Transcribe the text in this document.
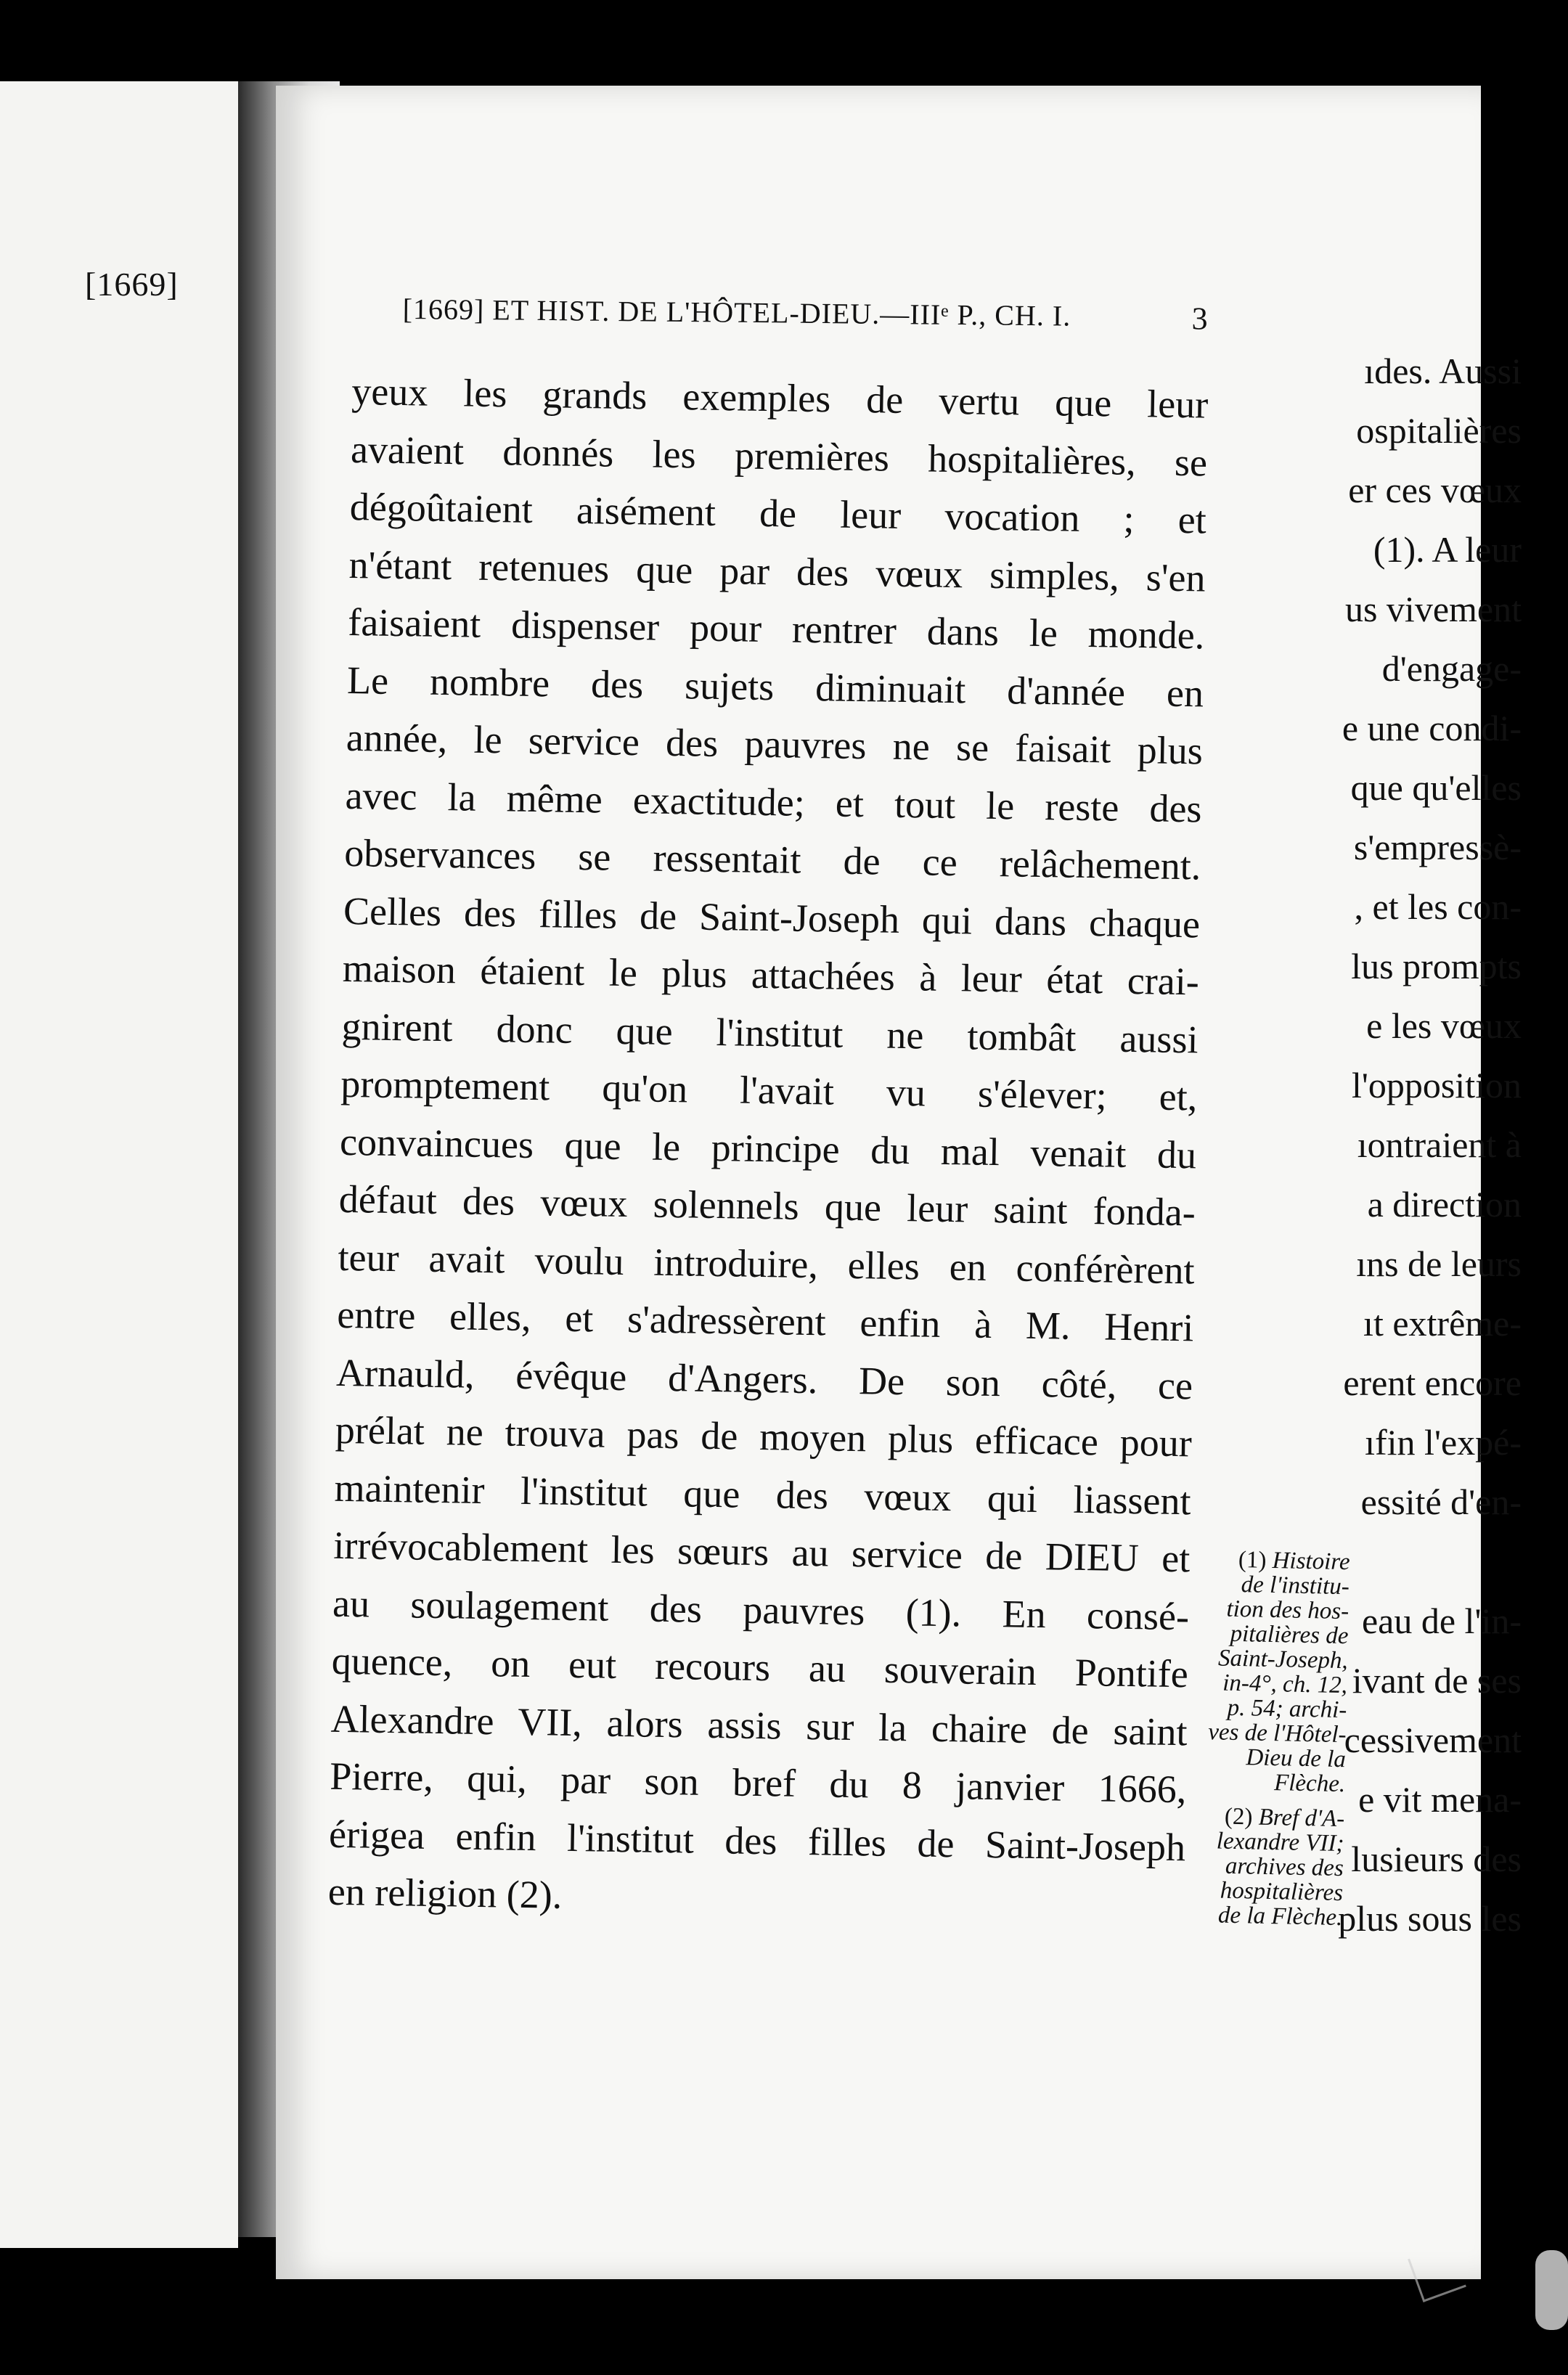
[1669]
ıdes. Aussi
ospitalières
er ces vœux
(1). A leur
us vivement
d'engage-
e une condi-
que qu'elles
s'empressè-
, et les con-
lus prompts
e les vœux
l'opposition
ıontraient à
a direction
ıns de leurs
ıt extrême-
erent encore
ıfin l'expé-
essité d'en-
eau de l'in-
ivant de ses
cessivement
e vit mena-
lusieurs des
plus sous les
[1669] ET HIST. DE L'HÔTEL-DIEU.—IIIᵉ P., CH. I.	3
yeux les grands exemples de vertu que leur
avaient donnés les premières hospitalières, se
dégoûtaient aisément de leur vocation ; et
n'étant retenues que par des vœux simples, s'en
faisaient dispenser pour rentrer dans le monde.
Le nombre des sujets diminuait d'année en
année, le service des pauvres ne se faisait plus
avec la même exactitude; et tout le reste des
observances se ressentait de ce relâchement.
Celles des filles de Saint-Joseph qui dans chaque
maison étaient le plus attachées à leur état crai-
gnirent donc que l'institut ne tombât aussi
promptement qu'on l'avait vu s'élever; et,
convaincues que le principe du mal venait du
défaut des vœux solennels que leur saint fonda-
teur avait voulu introduire, elles en conférèrent
entre elles, et s'adressèrent enfin à M. Henri
Arnauld, évêque d'Angers. De son côté, ce
prélat ne trouva pas de moyen plus efficace pour
maintenir l'institut que des vœux qui liassent
irrévocablement les sœurs au service de DIEU et
au soulagement des pauvres (1). En consé-
quence, on eut recours au souverain Pontife
Alexandre VII, alors assis sur la chaire de saint
Pierre, qui, par son bref du 8 janvier 1666,
érigea enfin l'institut des filles de Saint-Joseph
en religion (2).
(1) Histoire
de l'institu-
tion des hos-
pitalières de
Saint-Joseph,
in-4°, ch. 12,
p. 54; archi-
ves de l'Hôtel-
Dieu de la
Flèche.
(2) Bref d'A-
lexandre VII;
archives des
hospitalières
de la Flèche.
